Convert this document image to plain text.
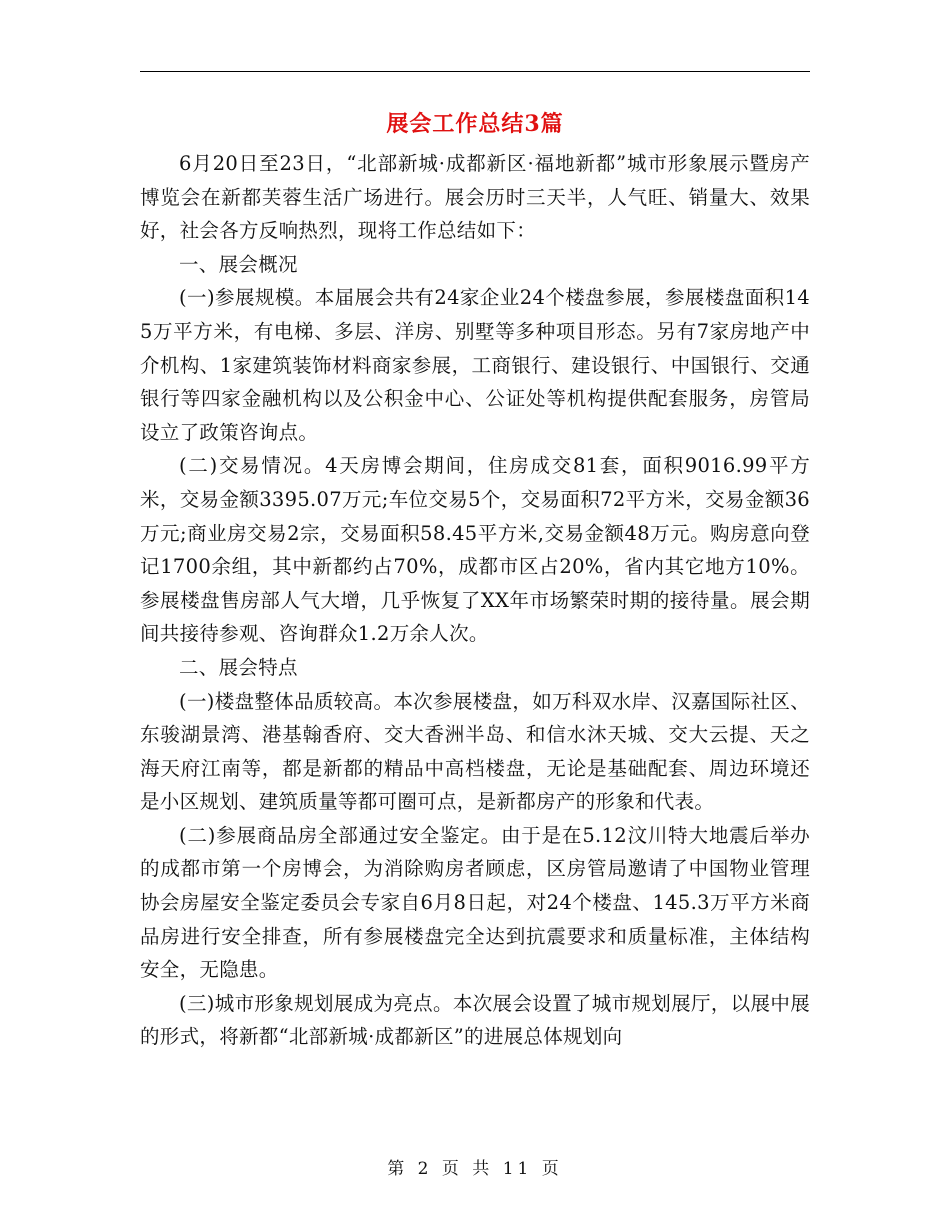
展会工作总结3篇

6月20日至23日，“北部新城·成都新区·福地新都”城市形象展示暨房产博览会在新都芙蓉生活广场进行。展会历时三天半，人气旺、销量大、效果好，社会各方反响热烈，现将工作总结如下：

一、展会概况

(一)参展规模。本届展会共有24家企业24个楼盘参展，参展楼盘面积145万平方米，有电梯、多层、洋房、别墅等多种项目形态。另有7家房地产中介机构、1家建筑装饰材料商家参展，工商银行、建设银行、中国银行、交通银行等四家金融机构以及公积金中心、公证处等机构提供配套服务，房管局设立了政策咨询点。

(二)交易情况。4天房博会期间，住房成交81套，面积9016.99平方米，交易金额3395.07万元;车位交易5个，交易面积72平方米，交易金额36万元;商业房交易2宗，交易面积58.45平方米,交易金额48万元。购房意向登记1700余组，其中新都约占70%，成都市区占20%，省内其它地方10%。参展楼盘售房部人气大增，几乎恢复了XX年市场繁荣时期的接待量。展会期间共接待参观、咨询群众1.2万余人次。

二、展会特点

(一)楼盘整体品质较高。本次参展楼盘，如万科双水岸、汉嘉国际社区、东骏湖景湾、港基翰香府、交大香洲半岛、和信水沐天城、交大云提、天之海天府江南等，都是新都的精品中高档楼盘，无论是基础配套、周边环境还是小区规划、建筑质量等都可圈可点，是新都房产的形象和代表。

(二)参展商品房全部通过安全鉴定。由于是在5.12汶川特大地震后举办的成都市第一个房博会，为消除购房者顾虑，区房管局邀请了中国物业管理协会房屋安全鉴定委员会专家自6月8日起，对24个楼盘、145.3万平方米商品房进行安全排查，所有参展楼盘完全达到抗震要求和质量标准，主体结构安全，无隐患。

(三)城市形象规划展成为亮点。本次展会设置了城市规划展厅，以展中展的形式，将新都“北部新城·成都新区”的进展总体规划向

第 2 页 共 11 页
